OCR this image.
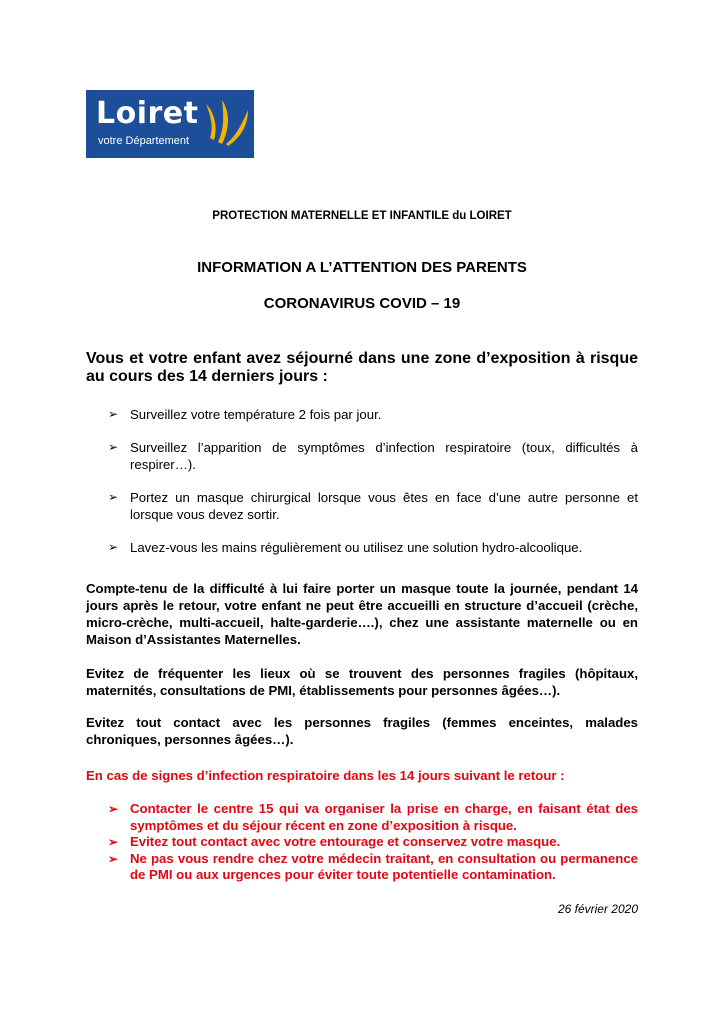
Loiret
votre Département
PROTECTION MATERNELLE ET INFANTILE du LOIRET
INFORMATION A L’ATTENTION DES PARENTS
CORONAVIRUS COVID – 19
Vous et votre enfant avez séjourné dans une zone d’exposition à risque au cours des 14 derniers jours :
➢ Surveillez votre température 2 fois par jour.
➢ Surveillez l’apparition de symptômes d’infection respiratoire (toux, difficultés à respirer…).
➢ Portez un masque chirurgical lorsque vous êtes en face d’une autre personne et lorsque vous devez sortir.
➢ Lavez-vous les mains régulièrement ou utilisez une solution hydro-alcoolique.

Compte-tenu de la difficulté à lui faire porter un masque toute la journée, pendant 14 jours après le retour, votre enfant ne peut être accueilli en structure d’accueil (crèche, micro-crèche, multi-accueil, halte-garderie….), chez une assistante maternelle ou en Maison d’Assistantes Maternelles.

Evitez de fréquenter les lieux où se trouvent des personnes fragiles (hôpitaux, maternités, consultations de PMI, établissements pour personnes âgées…).

Evitez tout contact avec les personnes fragiles (femmes enceintes, malades chroniques, personnes âgées…).

En cas de signes d’infection respiratoire dans les 14 jours suivant le retour :

➢ Contacter le centre 15 qui va organiser la prise en charge, en faisant état des symptômes et du séjour récent en zone d’exposition à risque.
➢ Evitez tout contact avec votre entourage et conservez votre masque.
➢ Ne pas vous rendre chez votre médecin traitant, en consultation ou permanence de PMI ou aux urgences pour éviter toute potentielle contamination.
26 février 2020
